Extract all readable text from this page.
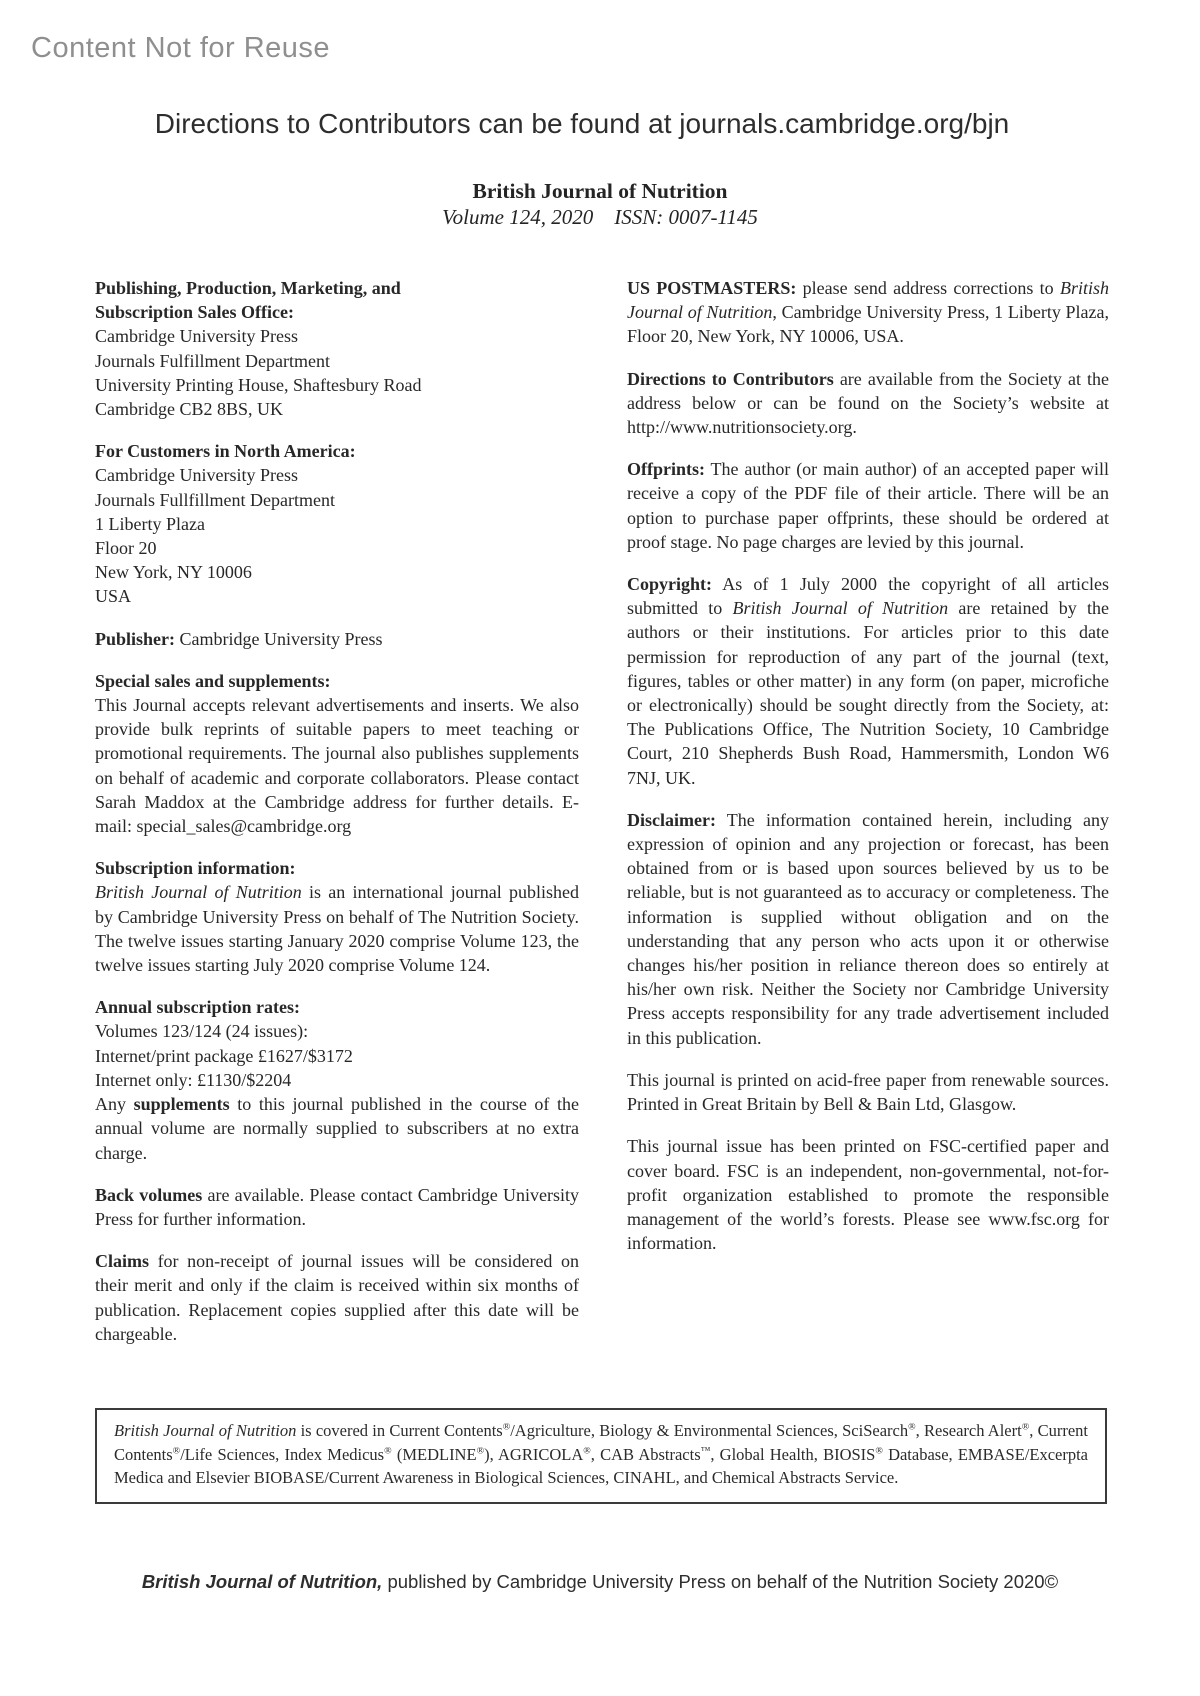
Content Not for Reuse
Directions to Contributors can be found at journals.cambridge.org/bjn
British Journal of Nutrition
Volume 124, 2020  ISSN: 0007-1145
Publishing, Production, Marketing, and
Subscription Sales Office:
Cambridge University Press
Journals Fulfillment Department
University Printing House, Shaftesbury Road
Cambridge CB2 8BS, UK
For Customers in North America:
Cambridge University Press
Journals Fullfillment Department
1 Liberty Plaza
Floor 20
New York, NY 10006
USA
Publisher: Cambridge University Press
Special sales and supplements:
This Journal accepts relevant advertisements and inserts. We also provide bulk reprints of suitable papers to meet teaching or promotional requirements. The journal also publishes supplements on behalf of academic and corporate collaborators. Please contact Sarah Maddox at the Cambridge address for further details. E-mail: special_sales@cambridge.org
Subscription information:
British Journal of Nutrition is an international journal published by Cambridge University Press on behalf of The Nutrition Society. The twelve issues starting January 2020 comprise Volume 123, the twelve issues starting July 2020 comprise Volume 124.
Annual subscription rates:
Volumes 123/124 (24 issues):
Internet/print package £1627/$3172
Internet only: £1130/$2204
Any supplements to this journal published in the course of the annual volume are normally supplied to subscribers at no extra charge.
Back volumes are available. Please contact Cambridge University Press for further information.
Claims for non-receipt of journal issues will be considered on their merit and only if the claim is received within six months of publication. Replacement copies supplied after this date will be chargeable.
US POSTMASTERS: please send address corrections to British Journal of Nutrition, Cambridge University Press, 1 Liberty Plaza, Floor 20, New York, NY 10006, USA.
Directions to Contributors are available from the Society at the address below or can be found on the Society’s website at http://www.nutritionsociety.org.
Offprints: The author (or main author) of an accepted paper will receive a copy of the PDF file of their article. There will be an option to purchase paper offprints, these should be ordered at proof stage. No page charges are levied by this journal.
Copyright: As of 1 July 2000 the copyright of all articles submitted to British Journal of Nutrition are retained by the authors or their institutions. For articles prior to this date permission for reproduction of any part of the journal (text, figures, tables or other matter) in any form (on paper, microfiche or electronically) should be sought directly from the Society, at: The Publications Office, The Nutrition Society, 10 Cambridge Court, 210 Shepherds Bush Road, Hammersmith, London W6 7NJ, UK.
Disclaimer: The information contained herein, including any expression of opinion and any projection or forecast, has been obtained from or is based upon sources believed by us to be reliable, but is not guaranteed as to accuracy or completeness. The information is supplied without obligation and on the understanding that any person who acts upon it or otherwise changes his/her position in reliance thereon does so entirely at his/her own risk. Neither the Society nor Cambridge University Press accepts responsibility for any trade advertisement included in this publication.
This journal is printed on acid-free paper from renewable sources. Printed in Great Britain by Bell & Bain Ltd, Glasgow.
This journal issue has been printed on FSC-certified paper and cover board. FSC is an independent, non-governmental, not-for-profit organization established to promote the responsible management of the world’s forests. Please see www.fsc.org for information.
British Journal of Nutrition is covered in Current Contents®/Agriculture, Biology & Environmental Sciences, SciSearch®, Research Alert®, Current Contents®/Life Sciences, Index Medicus® (MEDLINE®), AGRICOLA®, CAB Abstracts™, Global Health, BIOSIS® Database, EMBASE/Excerpta Medica and Elsevier BIOBASE/Current Awareness in Biological Sciences, CINAHL, and Chemical Abstracts Service.
British Journal of Nutrition, published by Cambridge University Press on behalf of the Nutrition Society 2020©
